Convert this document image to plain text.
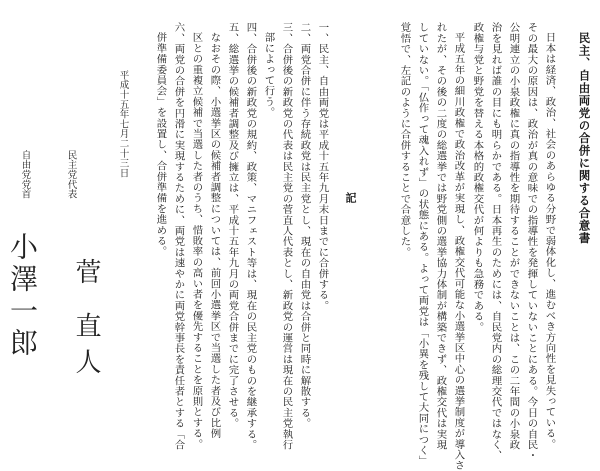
民主、自由両党の合併に関する合意書
日本は経済、政治、社会のあらゆる分野で弱体化し、進むべき方向性を見失っている。
その最大の原因は、政治が真の意味での指導性を発揮していないことにある。今日の自民・
公明連立の小泉政権に真の指導性を期待することができないことは、この二年間の小泉政
治を見れば誰の目にも明らかである。日本再生のためには、自民党内の総理交代ではなく、
政権与党と野党を替える本格的政権交代が何よりも急務である。
平成五年の細川政権で政治改革が実現し、政権交代可能な小選挙区中心の選挙制度が導入さ
れたが、その後の二度の総選挙では野党側の選挙協力体制が構築できず、政権交代は実現
していない。「仏作って魂入れず」の状態にある。よって両党は「小異を残して大同につく」
覚悟で、左記のように合併することで合意した。
記
一、民主、自由両党は平成十五年九月末日までに合併する。
二、両党合併に伴う存続政党は民主党とし、現在の自由党は合併と同時に解散する。
三、合併後の新政党の代表は民主党の菅直人代表とし、新政党の運営は現在の民主党執行
部によって行う。
四、合併後の新政党の規約、政策、マニフェスト等は、現在の民主党のものを継承する。
五、総選挙の候補者調整及び擁立は、平成十五年九月の両党合併までに完了させる。
なおその際、小選挙区の候補者調整については、前回小選挙区で当選した者及び比例
区との重複立候補で当選した者のうち、惜敗率の高い者を優先することを原則とする。
六、両党の合併を円滑に実現するために、両党は速やかに両党幹事長を責任者とする「合
併準備委員会」を設置し、合併準備を進める。
平成十五年七月二十三日
民主党代表
菅 直人
自由党党首
小澤一郎
